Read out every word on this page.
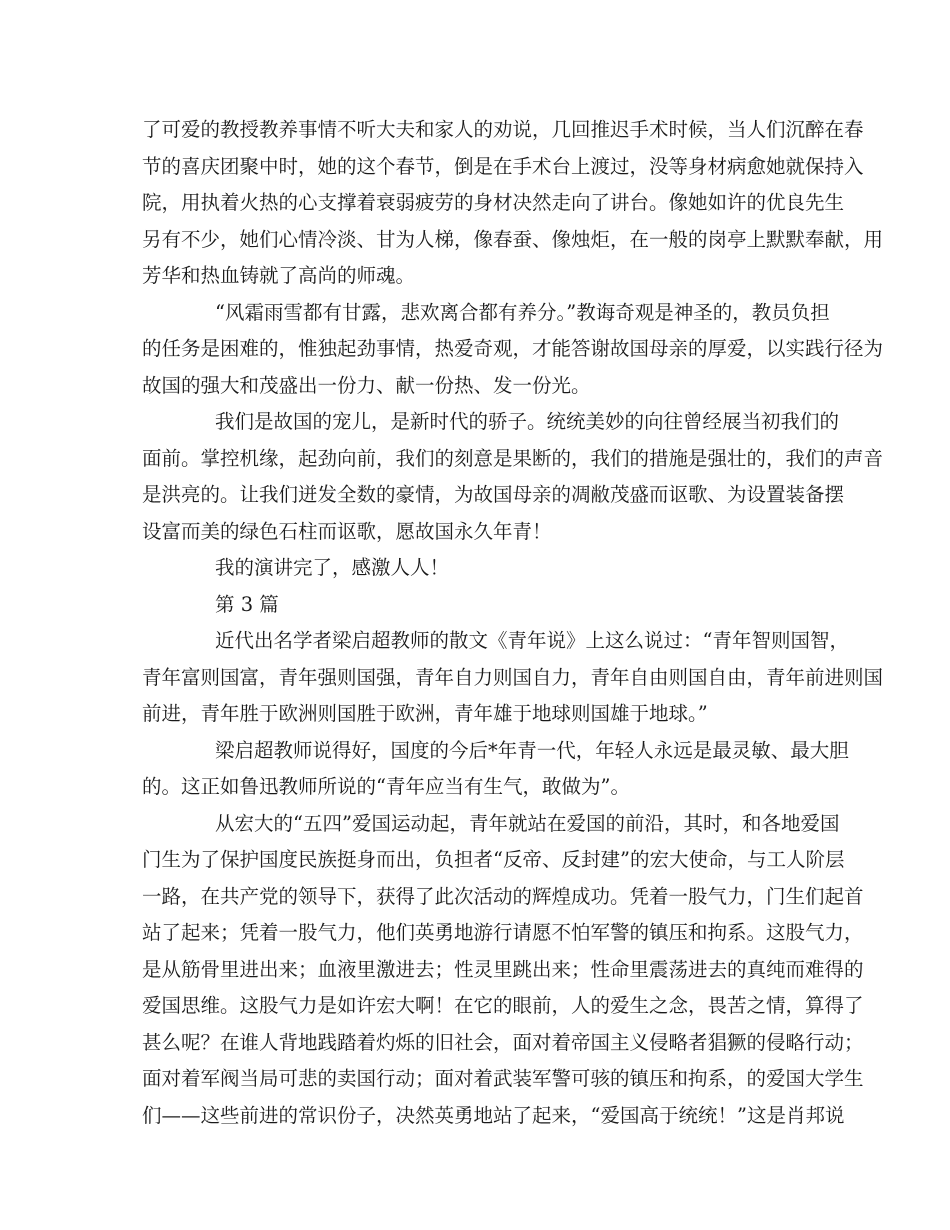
了可爱的教授教养事情不听大夫和家人的劝说，几回推迟手术时候，当人们沉醉在春
节的喜庆团聚中时，她的这个春节，倒是在手术台上渡过，没等身材病愈她就保持入
院，用执着火热的心支撑着衰弱疲劳的身材决然走向了讲台。像她如许的优良先生
另有不少，她们心情冷淡、甘为人梯，像春蚕、像烛炬，在一般的岗亭上默默奉献，用
芳华和热血铸就了高尚的师魂。
“风霜雨雪都有甘露，悲欢离合都有养分。”教诲奇观是神圣的，教员负担
的任务是困难的，惟独起劲事情，热爱奇观，才能答谢故国母亲的厚爱，以实践行径为
故国的强大和茂盛出一份力、献一份热、发一份光。
我们是故国的宠儿，是新时代的骄子。统统美妙的向往曾经展当初我们的
面前。掌控机缘，起劲向前，我们的刻意是果断的，我们的措施是强壮的，我们的声音
是洪亮的。让我们迸发全数的豪情，为故国母亲的凋敝茂盛而讴歌、为设置装备摆
设富而美的绿色石柱而讴歌，愿故国永久年青！
我的演讲完了，感激人人！
第 3 篇
近代出名学者梁启超教师的散文《青年说》上这么说过：“青年智则国智，
青年富则国富，青年强则国强，青年自力则国自力，青年自由则国自由，青年前进则国
前进，青年胜于欧洲则国胜于欧洲，青年雄于地球则国雄于地球。”
梁启超教师说得好，国度的今后*年青一代，年轻人永远是最灵敏、最大胆
的。这正如鲁迅教师所说的“青年应当有生气，敢做为”。
从宏大的“五四”爱国运动起，青年就站在爱国的前沿，其时，和各地爱国
门生为了保护国度民族挺身而出，负担者“反帝、反封建”的宏大使命，与工人阶层
一路，在共产党的领导下，获得了此次活动的辉煌成功。凭着一股气力，门生们起首
站了起来；凭着一股气力，他们英勇地游行请愿不怕军警的镇压和拘系。这股气力，
是从筋骨里进出来；血液里激进去；性灵里跳出来；性命里震荡进去的真纯而难得的
爱国思维。这股气力是如许宏大啊！在它的眼前，人的爱生之念，畏苦之情，算得了
甚么呢？在谁人背地践踏着灼烁的旧社会，面对着帝国主义侵略者猖獗的侵略行动；
面对着军阀当局可悲的卖国行动；面对着武装军警可骇的镇压和拘系，的爱国大学生
们——这些前进的常识份子，决然英勇地站了起来，“爱国高于统统！”这是肖邦说
